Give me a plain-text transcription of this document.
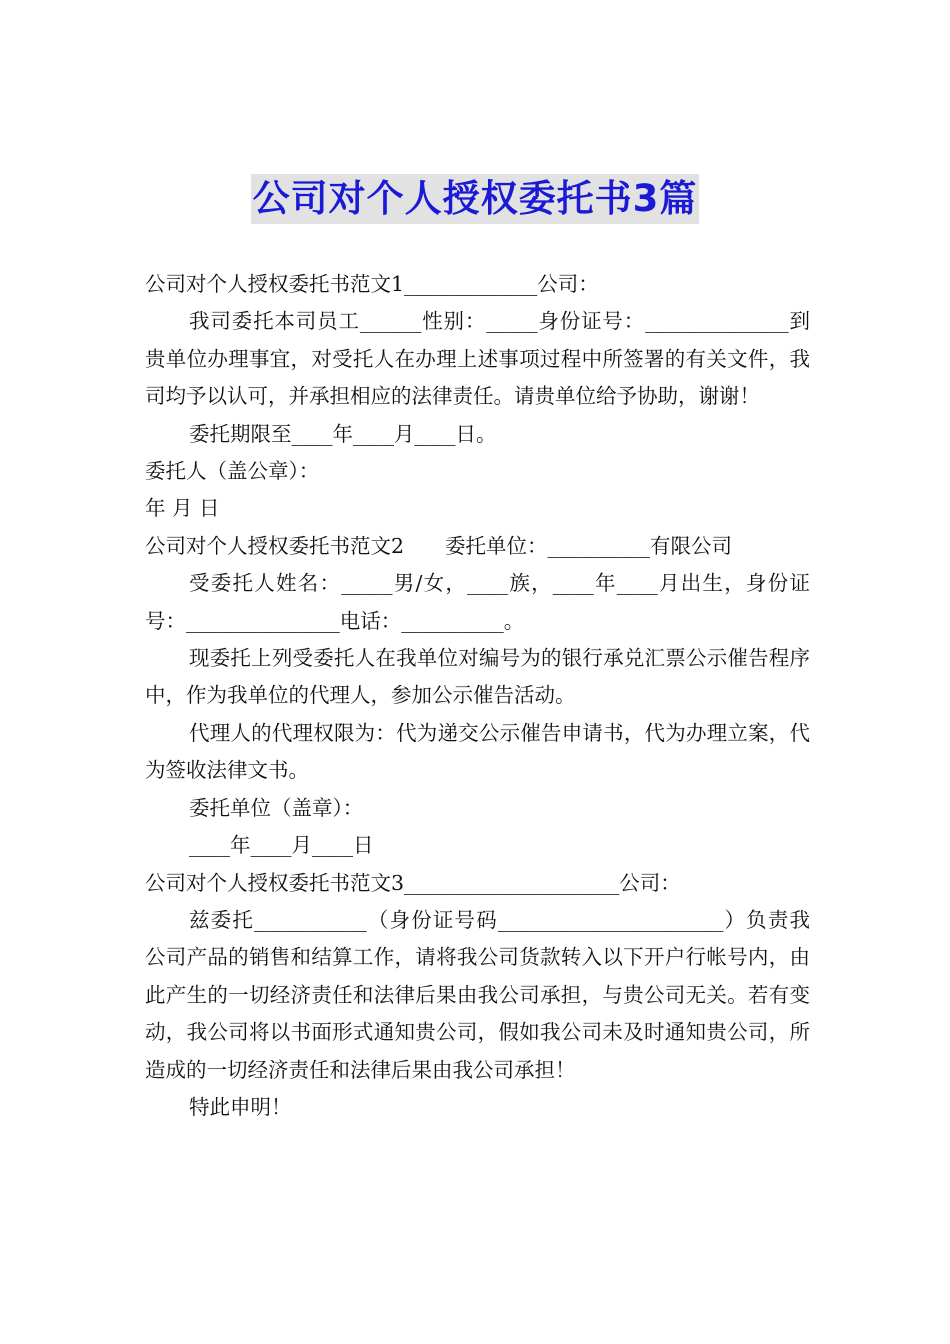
公司对个人授权委托书3篇

公司对个人授权委托书范文1_____________公司：

我司委托本司员工______性别：_____身份证号：______________到贵单位办理事宜，对受托人在办理上述事项过程中所签署的有关文件，我司均予以认可，并承担相应的法律责任。请贵单位给予协助，谢谢！

委托期限至____年____月____日。

委托人（盖公章）：

年 月 日

公司对个人授权委托书范文2　　委托单位：__________有限公司

受委托人姓名：_____男/女，____族，____年____月出生，身份证号：_______________电话：__________。

现委托上列受委托人在我单位对编号为的银行承兑汇票公示催告程序中，作为我单位的代理人，参加公示催告活动。

代理人的代理权限为：代为递交公示催告申请书，代为办理立案，代为签收法律文书。

委托单位（盖章）：

____年____月____日

公司对个人授权委托书范文3_____________________公司：

兹委托___________（身份证号码______________________）负责我公司产品的销售和结算工作，请将我公司货款转入以下开户行帐号内，由此产生的一切经济责任和法律后果由我公司承担，与贵公司无关。若有变动，我公司将以书面形式通知贵公司，假如我公司未及时通知贵公司，所造成的一切经济责任和法律后果由我公司承担！

特此申明！
